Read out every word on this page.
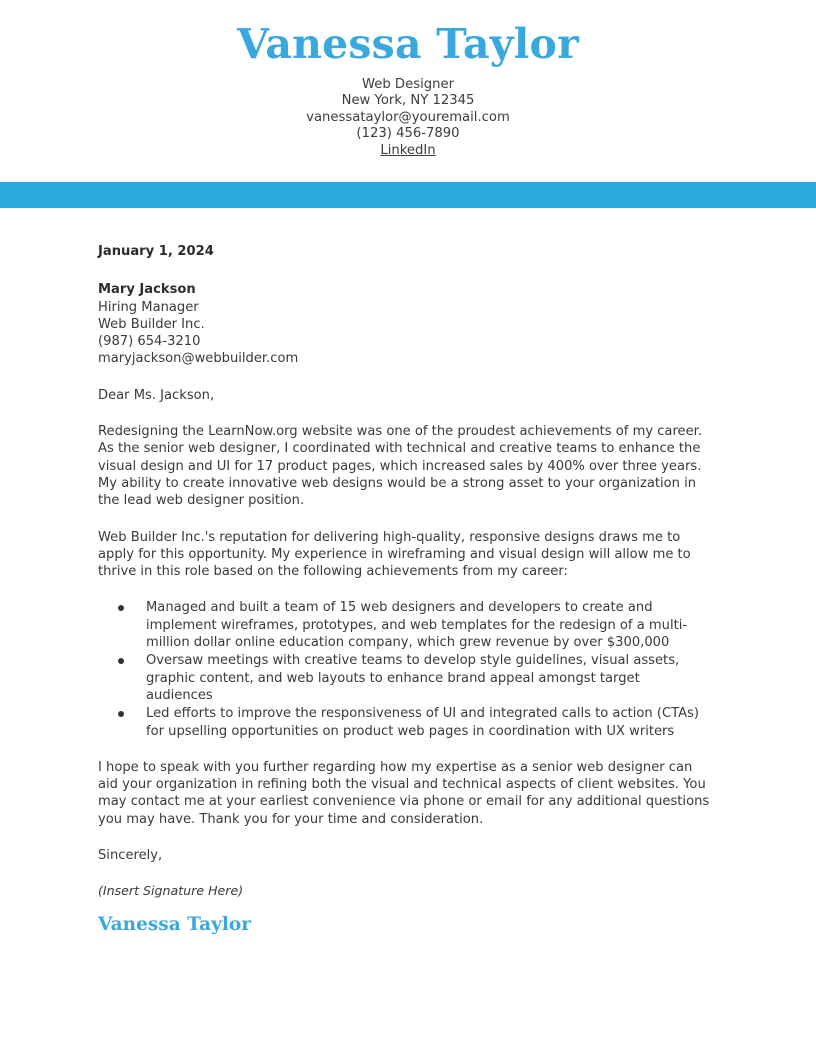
Vanessa Taylor
Web Designer
New York, NY 12345
vanessataylor@youremail.com
(123) 456-7890
LinkedIn

January 1, 2024

Mary Jackson
Hiring Manager
Web Builder Inc.
(987) 654-3210
maryjackson@webbuilder.com

Dear Ms. Jackson,

Redesigning the LearnNow.org website was one of the proudest achievements of my career. As the senior web designer, I coordinated with technical and creative teams to enhance the visual design and UI for 17 product pages, which increased sales by 400% over three years. My ability to create innovative web designs would be a strong asset to your organization in the lead web designer position.

Web Builder Inc.'s reputation for delivering high-quality, responsive designs draws me to apply for this opportunity. My experience in wireframing and visual design will allow me to thrive in this role based on the following achievements from my career:

Managed and built a team of 15 web designers and developers to create and implement wireframes, prototypes, and web templates for the redesign of a multi-million dollar online education company, which grew revenue by over $300,000
Oversaw meetings with creative teams to develop style guidelines, visual assets, graphic content, and web layouts to enhance brand appeal amongst target audiences
Led efforts to improve the responsiveness of UI and integrated calls to action (CTAs) for upselling opportunities on product web pages in coordination with UX writers

I hope to speak with you further regarding how my expertise as a senior web designer can aid your organization in refining both the visual and technical aspects of client websites. You may contact me at your earliest convenience via phone or email for any additional questions you may have. Thank you for your time and consideration.

Sincerely,

(Insert Signature Here)

Vanessa Taylor
